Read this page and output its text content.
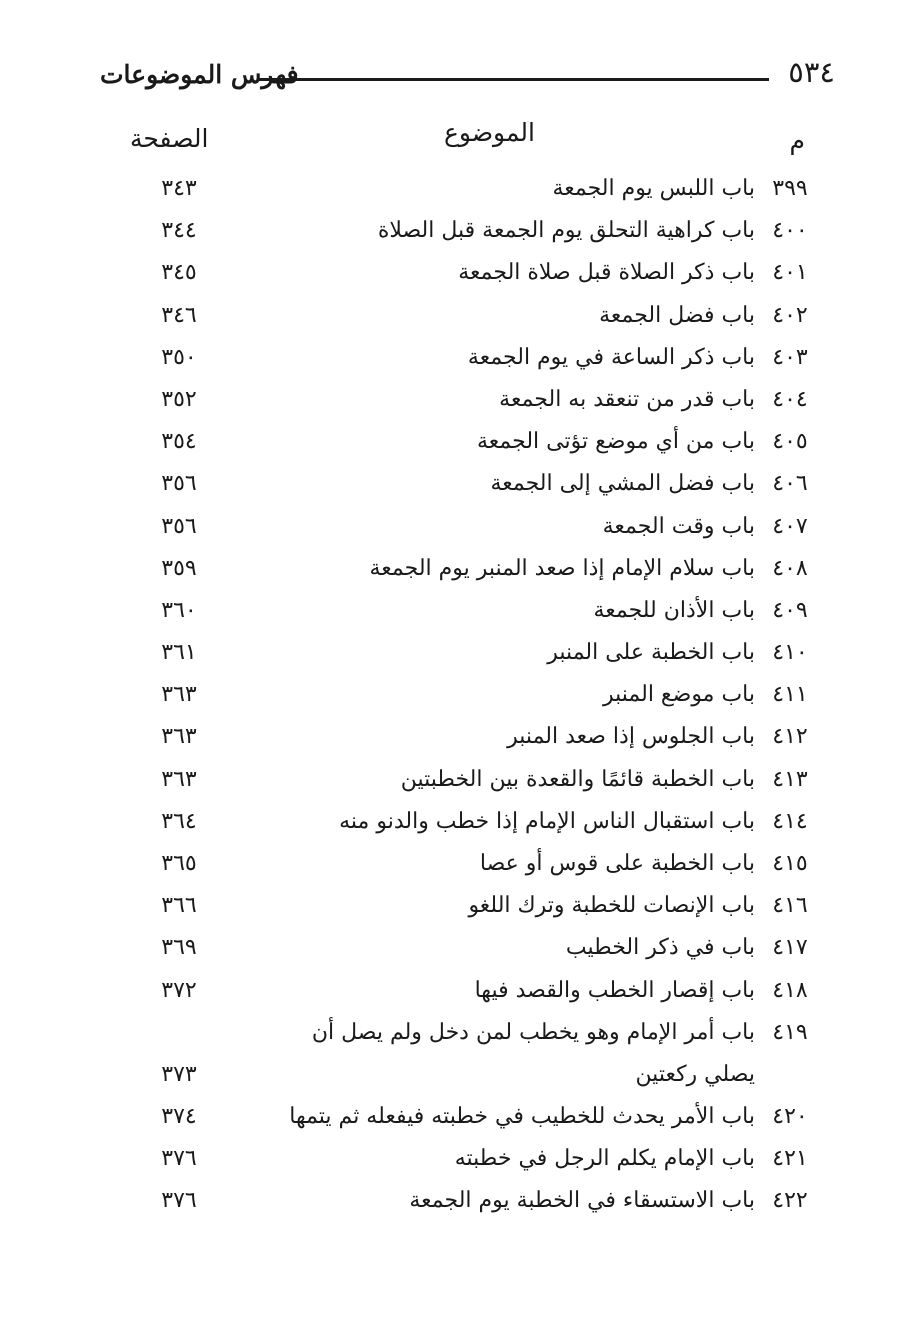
٥٣٤
فهرس الموضوعات
م
الموضوع
الصفحة
٣٩٩
باب اللبس يوم الجمعة
٣٤٣
٤٠٠
باب كراهية التحلق يوم الجمعة قبل الصلاة
٣٤٤
٤٠١
باب ذكر الصلاة قبل صلاة الجمعة
٣٤٥
٤٠٢
باب فضل الجمعة
٣٤٦
٤٠٣
باب ذكر الساعة في يوم الجمعة
٣٥٠
٤٠٤
باب قدر من تنعقد به الجمعة
٣٥٢
٤٠٥
باب من أي موضع تؤتى الجمعة
٣٥٤
٤٠٦
باب فضل المشي إلى الجمعة
٣٥٦
٤٠٧
باب وقت الجمعة
٣٥٦
٤٠٨
باب سلام الإمام إذا صعد المنبر يوم الجمعة
٣٥٩
٤٠٩
باب الأذان للجمعة
٣٦٠
٤١٠
باب الخطبة على المنبر
٣٦١
٤١١
باب موضع المنبر
٣٦٣
٤١٢
باب الجلوس إذا صعد المنبر
٣٦٣
٤١٣
باب الخطبة قائمًا والقعدة بين الخطبتين
٣٦٣
٤١٤
باب استقبال الناس الإمام إذا خطب والدنو منه
٣٦٤
٤١٥
باب الخطبة على قوس أو عصا
٣٦٥
٤١٦
باب الإنصات للخطبة وترك اللغو
٣٦٦
٤١٧
باب في ذكر الخطيب
٣٦٩
٤١٨
باب إقصار الخطب والقصد فيها
٣٧٢
٤١٩
باب أمر الإمام وهو يخطب لمن دخل ولم يصل أن يصلي ركعتين
٣٧٣
٤٢٠
باب الأمر يحدث للخطيب في خطبته فيفعله ثم يتمها
٣٧٤
٤٢١
باب الإمام يكلم الرجل في خطبته
٣٧٦
٤٢٢
باب الاستسقاء في الخطبة يوم الجمعة
٣٧٦
